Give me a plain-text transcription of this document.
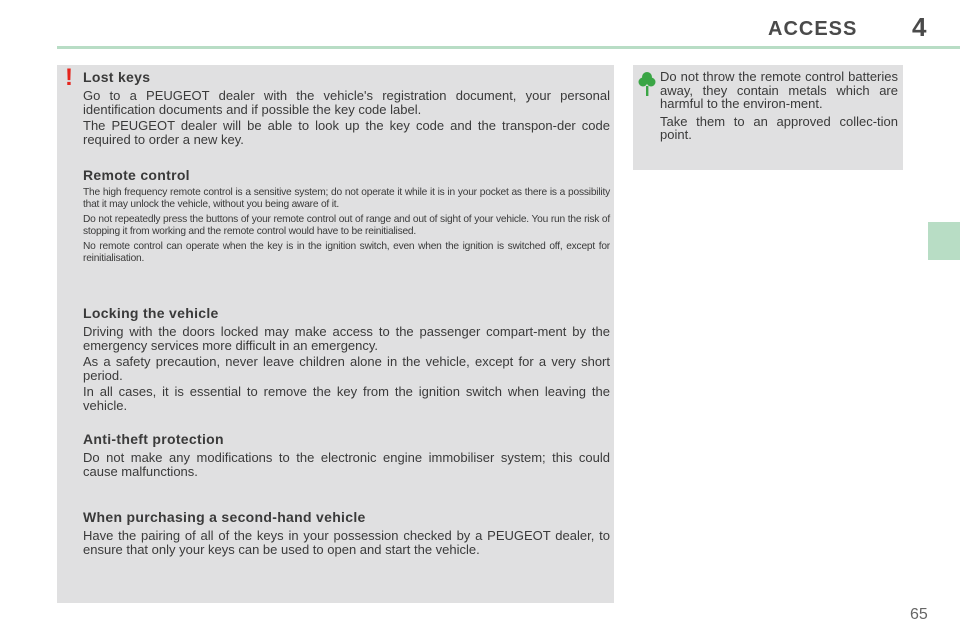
ACCESS 4
! Lost keys

Go to a PEUGEOT dealer with the vehicle's registration document, your personal identification documents and if possible the key code label.

The PEUGEOT dealer will be able to look up the key code and the transpon-der code required to order a new key.

Remote control

The high frequency remote control is a sensitive system; do not operate it while it is in your pocket as there is a possibility that it may unlock the vehicle, without you being aware of it.

Do not repeatedly press the buttons of your remote control out of range and out of sight of your vehicle. You run the risk of stopping it from working and the remote control would have to be reinitialised.

No remote control can operate when the key is in the ignition switch, even when the ignition is switched off, except for reinitialisation.

Locking the vehicle

Driving with the doors locked may make access to the passenger compart-ment by the emergency services more difficult in an emergency.

As a safety precaution, never leave children alone in the vehicle, except for a very short period.

In all cases, it is essential to remove the key from the ignition switch when leaving the vehicle.

Anti-theft protection

Do not make any modifications to the electronic engine immobiliser system; this could cause malfunctions.

When purchasing a second-hand vehicle

Have the pairing of all of the keys in your possession checked by a PEUGEOT dealer, to ensure that only your keys can be used to open and start the vehicle.

Do not throw the remote control batteries away, they contain metals which are harmful to the environ-ment.

Take them to an approved collec-tion point.

65
